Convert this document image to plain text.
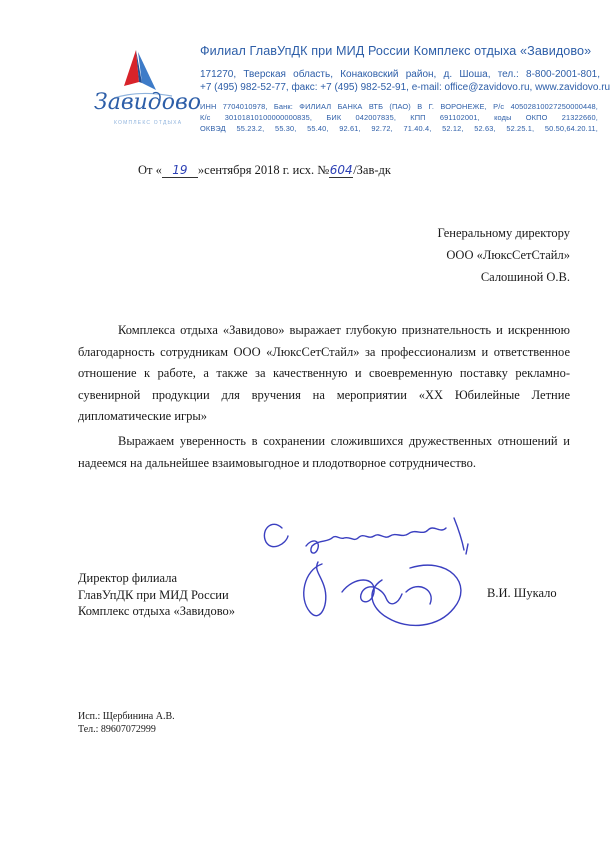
Завидово
КОМПЛЕКС ОТДЫХА
Филиал ГлавУпДК при МИД России Комплекс отдыха «Завидово»
171270, Тверская область, Конаковский район, д. Шоша, тел.: 8-800-2001-801,
+7 (495) 982-52-77, факс: +7 (495) 982-52-91, e-mail: office@zavidovo.ru, www.zavidovo.ru
ИНН 7704010978, Банк: ФИЛИАЛ БАНКА ВТБ (ПАО) В Г. ВОРОНЕЖЕ, Р/с 40502810027250000448,
К/с 30101810100000000835, БИК 042007835, КПП 691102001, коды ОКПО 21322660,
ОКВЭД 55.23.2, 55.30, 55.40, 92.61, 92.72, 71.40.4, 52.12, 52.63, 52.25.1, 50.50,64.20.11,
От « 19 »сентября 2018 г. исх. №604/Зав-дк
Генеральному директору
ООО «ЛюксСетСтайл»
Салошиной О.В.

Комплекса отдыха «Завидово» выражает глубокую признательность и искреннюю благодарность сотрудникам ООО «ЛюксСетСтайл» за профессионализм и ответственное отношение к работе, а также за качественную и своевременную поставку рекламно-сувенирной продукции для вручения на мероприятии «XX Юбилейные Летние дипломатические игры»

Выражаем уверенность в сохранении сложившихся дружественных отношений и надеемся на дальнейшее взаимовыгодное и плодотворное сотрудничество.

Директор филиала
ГлавУпДК при МИД России
Комплекс отдыха «Завидово»
В.И. Шукало
Исп.: Щербинина А.В.
Тел.: 89607072999
